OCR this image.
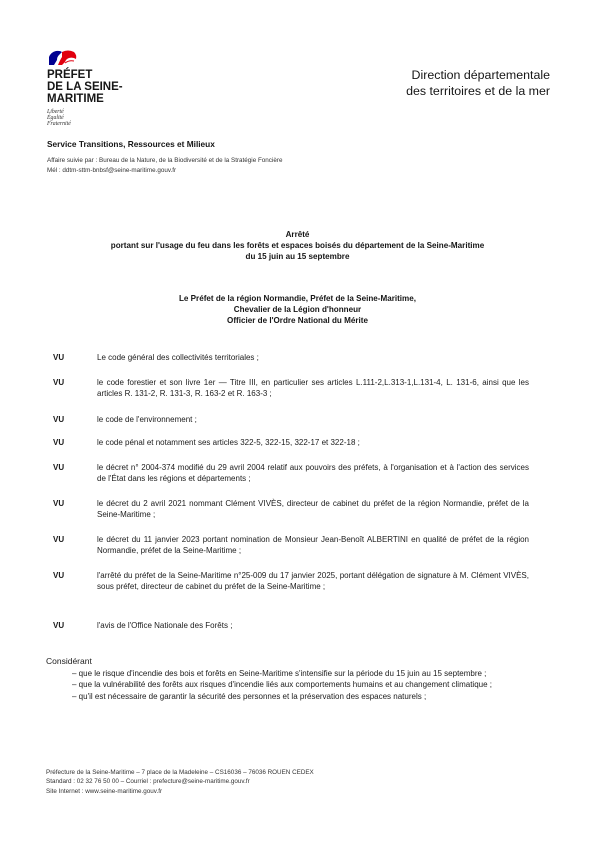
PRÉFET
DE LA SEINE-
MARITIME
Liberté
Égalité
Fraternité
Direction départementale
des territoires et de la mer
Service Transitions, Ressources et Milieux
Affaire suivie par : Bureau de la Nature, de la Biodiversité et de la Stratégie Foncière
Mél : ddtm-sttm-bnbsf@seine-maritime.gouv.fr
Arrêté
portant sur l'usage du feu dans les forêts et espaces boisés du département de la Seine-Maritime
du 15 juin au 15 septembre
Le Préfet de la région Normandie, Préfet de la Seine-Maritime,
Chevalier de la Légion d'honneur
Officier de l'Ordre National du Mérite
VU	Le code général des collectivités territoriales ;
VU	le code forestier et son livre 1er — Titre III, en particulier ses articles L.111-2,L.313-1,L.131-4, L. 131-6, ainsi que les articles R. 131-2, R. 131-3, R. 163-2 et R. 163-3 ;
VU	le code de l'environnement ;
VU	le code pénal et notamment ses articles 322-5, 322-15, 322-17 et 322-18 ;
VU	le décret n° 2004-374 modifié du 29 avril 2004 relatif aux pouvoirs des préfets, à l'organisation et à l'action des services de l'État dans les régions et départements ;
VU	le décret du 2 avril 2021 nommant Clément VIVÈS, directeur de cabinet du préfet de la région Normandie, préfet de la Seine-Maritime ;
VU	le décret du 11 janvier 2023 portant nomination de Monsieur Jean-Benoît ALBERTINI en qualité de préfet de la région Normandie, préfet de la Seine-Maritime ;
VU	l'arrêté du préfet de la Seine-Maritime n°25-009 du 17 janvier 2025, portant délégation de signature à M. Clément VIVÈS, sous préfet, directeur de cabinet du préfet de la Seine-Maritime ;
VU	l'avis de l'Office Nationale des Forêts ;
Considérant
– que le risque d'incendie des bois et forêts en Seine-Maritime s'intensifie sur la période du 15 juin au 15 septembre ;
– que la vulnérabilité des forêts aux risques d'incendie liés aux comportements humains et au changement climatique ;
– qu'il est nécessaire de garantir la sécurité des personnes et la préservation des espaces naturels ;
Préfecture de la Seine-Maritime – 7 place de la Madeleine – CS16036 – 76036 ROUEN CEDEX
Standard : 02 32 76 50 00 – Courriel : prefecture@seine-maritime.gouv.fr
Site Internet : www.seine-maritime.gouv.fr
